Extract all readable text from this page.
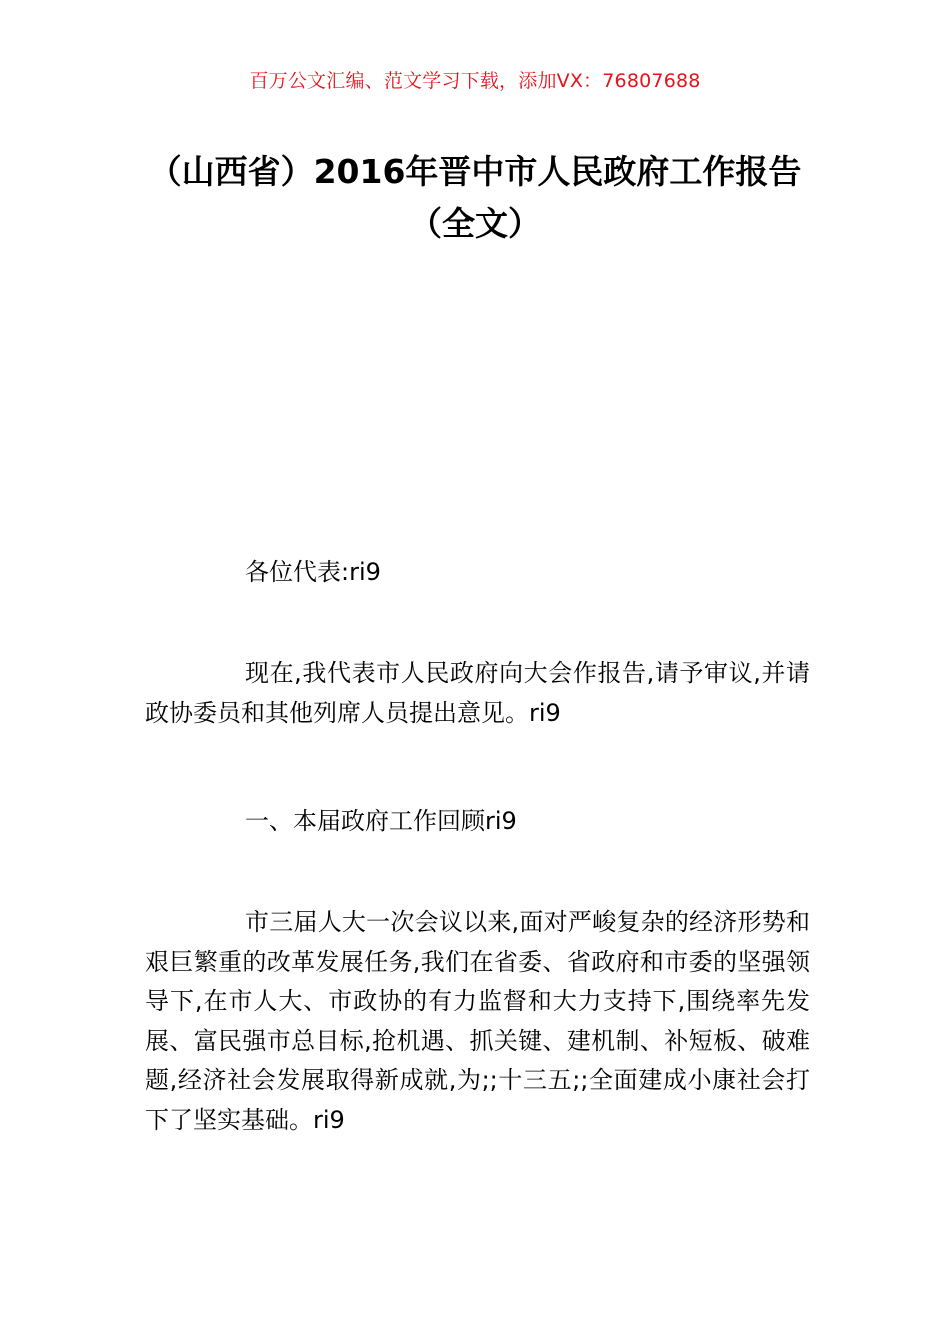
百万公文汇编、范文学习下载，添加VX：76807688
（山西省）2016年晋中市人民政府工作报告（全文）
各位代表:ri9
现在,我代表市人民政府向大会作报告,请予审议,并请政协委员和其他列席人员提出意见。ri9
一、本届政府工作回顾ri9
市三届人大一次会议以来,面对严峻复杂的经济形势和艰巨繁重的改革发展任务,我们在省委、省政府和市委的坚强领导下,在市人大、市政协的有力监督和大力支持下,围绕率先发展、富民强市总目标,抢机遇、抓关键、建机制、补短板、破难题,经济社会发展取得新成就,为;;十三五;;全面建成小康社会打下了坚实基础。ri9
